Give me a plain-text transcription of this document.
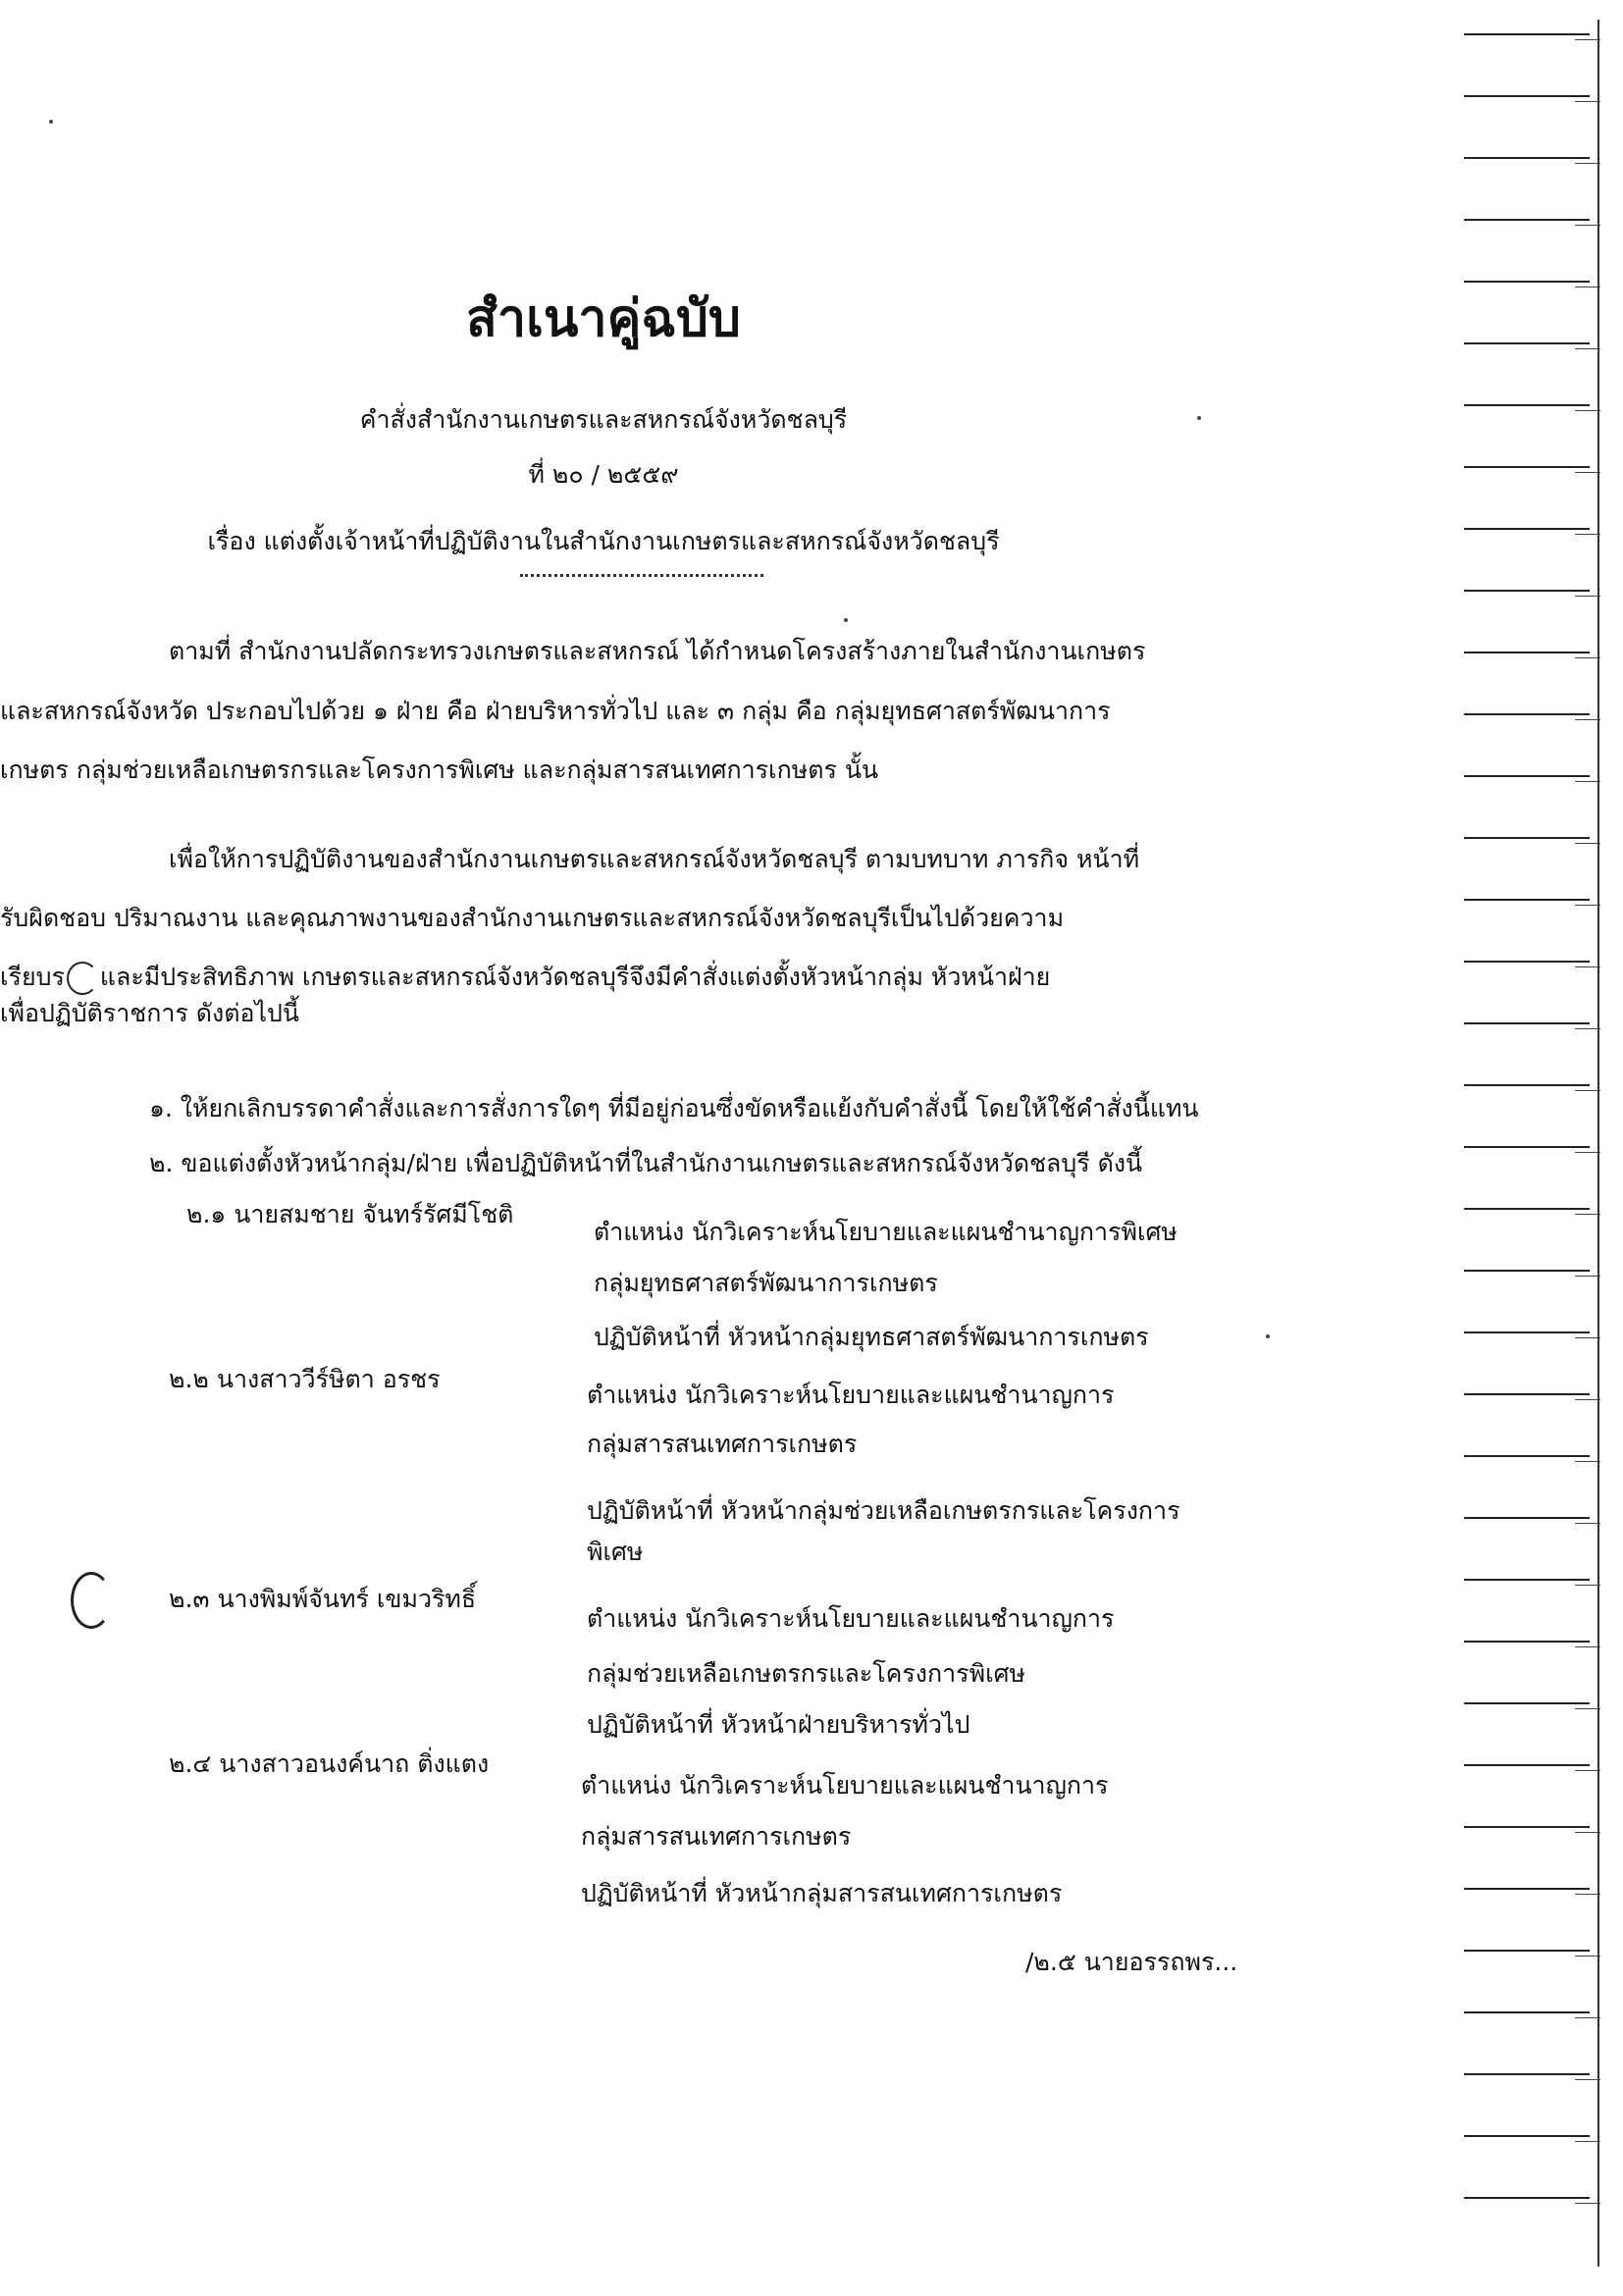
สำเนาคู่ฉบับ
คำสั่งสำนักงานเกษตรและสหกรณ์จังหวัดชลบุรี
ที่ ๒๐ / ๒๕๕๙
เรื่อง แต่งตั้งเจ้าหน้าที่ปฏิบัติงานในสำนักงานเกษตรและสหกรณ์จังหวัดชลบุรี
ตามที่ สำนักงานปลัดกระทรวงเกษตรและสหกรณ์ ได้กำหนดโครงสร้างภายในสำนักงานเกษตร
และสหกรณ์จังหวัด ประกอบไปด้วย ๑ ฝ่าย คือ ฝ่ายบริหารทั่วไป และ ๓ กลุ่ม คือ กลุ่มยุทธศาสตร์พัฒนาการ
เกษตร กลุ่มช่วยเหลือเกษตรกรและโครงการพิเศษ และกลุ่มสารสนเทศการเกษตร นั้น
เพื่อให้การปฏิบัติงานของสำนักงานเกษตรและสหกรณ์จังหวัดชลบุรี ตามบทบาท ภารกิจ หน้าที่
รับผิดชอบ ปริมาณงาน และคุณภาพงานของสำนักงานเกษตรและสหกรณ์จังหวัดชลบุรีเป็นไปด้วยความ
เรียบร และมีประสิทธิภาพ เกษตรและสหกรณ์จังหวัดชลบุรีจึงมีคำสั่งแต่งตั้งหัวหน้ากลุ่ม หัวหน้าฝ่าย
เพื่อปฏิบัติราชการ ดังต่อไปนี้
๑. ให้ยกเลิกบรรดาคำสั่งและการสั่งการใดๆ ที่มีอยู่ก่อนซึ่งขัดหรือแย้งกับคำสั่งนี้ โดยให้ใช้คำสั่งนี้แทน
๒. ขอแต่งตั้งหัวหน้ากลุ่ม/ฝ่าย เพื่อปฏิบัติหน้าที่ในสำนักงานเกษตรและสหกรณ์จังหวัดชลบุรี ดังนี้
๒.๑ นายสมชาย จันทร์รัศมีโชติ
ตำแหน่ง นักวิเคราะห์นโยบายและแผนชำนาญการพิเศษ
กลุ่มยุทธศาสตร์พัฒนาการเกษตร
ปฏิบัติหน้าที่ หัวหน้ากลุ่มยุทธศาสตร์พัฒนาการเกษตร
๒.๒ นางสาววีร์ษิตา อรชร
ตำแหน่ง นักวิเคราะห์นโยบายและแผนชำนาญการ
กลุ่มสารสนเทศการเกษตร
ปฏิบัติหน้าที่ หัวหน้ากลุ่มช่วยเหลือเกษตรกรและโครงการ
พิเศษ
๒.๓ นางพิมพ์จันทร์ เขมวริทธิ์
ตำแหน่ง นักวิเคราะห์นโยบายและแผนชำนาญการ
กลุ่มช่วยเหลือเกษตรกรและโครงการพิเศษ
ปฏิบัติหน้าที่ หัวหน้าฝ่ายบริหารทั่วไป
๒.๔ นางสาวอนงค์นาถ ติ่งแตง
ตำแหน่ง นักวิเคราะห์นโยบายและแผนชำนาญการ
กลุ่มสารสนเทศการเกษตร
ปฏิบัติหน้าที่ หัวหน้ากลุ่มสารสนเทศการเกษตร
/๒.๕ นายอรรถพร...
